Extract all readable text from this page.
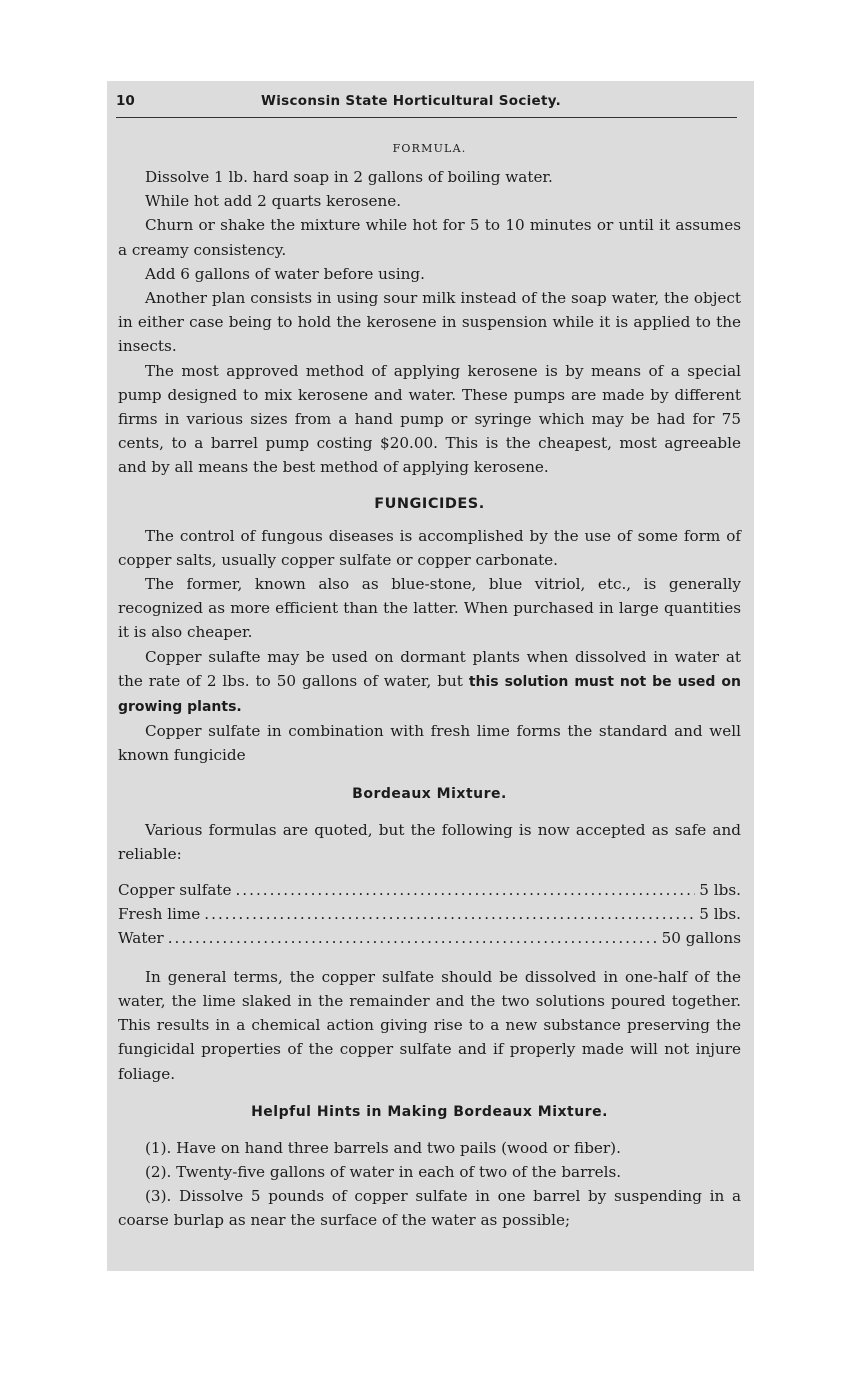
10	Wisconsin State Horticultural Society.
FORMULA.

Dissolve 1 lb. hard soap in 2 gallons of boiling water.

While hot add 2 quarts kerosene.

Churn or shake the mixture while hot for 5 to 10 minutes or until it assumes a creamy consistency.

Add 6 gallons of water before using.

Another plan consists in using sour milk instead of the soap water, the object in either case being to hold the kerosene in suspension while it is applied to the insects.

The most approved method of applying kerosene is by means of a special pump designed to mix kerosene and water. These pumps are made by different firms in various sizes from a hand pump or syringe which may be had for 75 cents, to a barrel pump costing $20.00. This is the cheapest, most agreeable and by all means the best method of applying kerosene.

FUNGICIDES.

The control of fungous diseases is accomplished by the use of some form of copper salts, usually copper sulfate or copper carbonate.

The former, known also as blue-stone, blue vitriol, etc., is generally recognized as more efficient than the latter. When purchased in large quantities it is also cheaper.

Copper sulafte may be used on dormant plants when dissolved in water at the rate of 2 lbs. to 50 gallons of water, but this solution must not be used on growing plants.

Copper sulfate in combination with fresh lime forms the standard and well known fungicide

Bordeaux Mixture.

Various formulas are quoted, but the following is now accepted as safe and reliable:

Copper sulfate .....	5 lbs.
Fresh lime .....	5 lbs.
Water .....	50 gallons

In general terms, the copper sulfate should be dissolved in one-half of the water, the lime slaked in the remainder and the two solutions poured together. This results in a chemical action giving rise to a new substance preserving the fungicidal properties of the copper sulfate and if properly made will not injure foliage.

Helpful Hints in Making Bordeaux Mixture.

(1). Have on hand three barrels and two pails (wood or fiber).

(2). Twenty-five gallons of water in each of two of the barrels.

(3). Dissolve 5 pounds of copper sulfate in one barrel by suspending in a coarse burlap as near the surface of the water as possible;
